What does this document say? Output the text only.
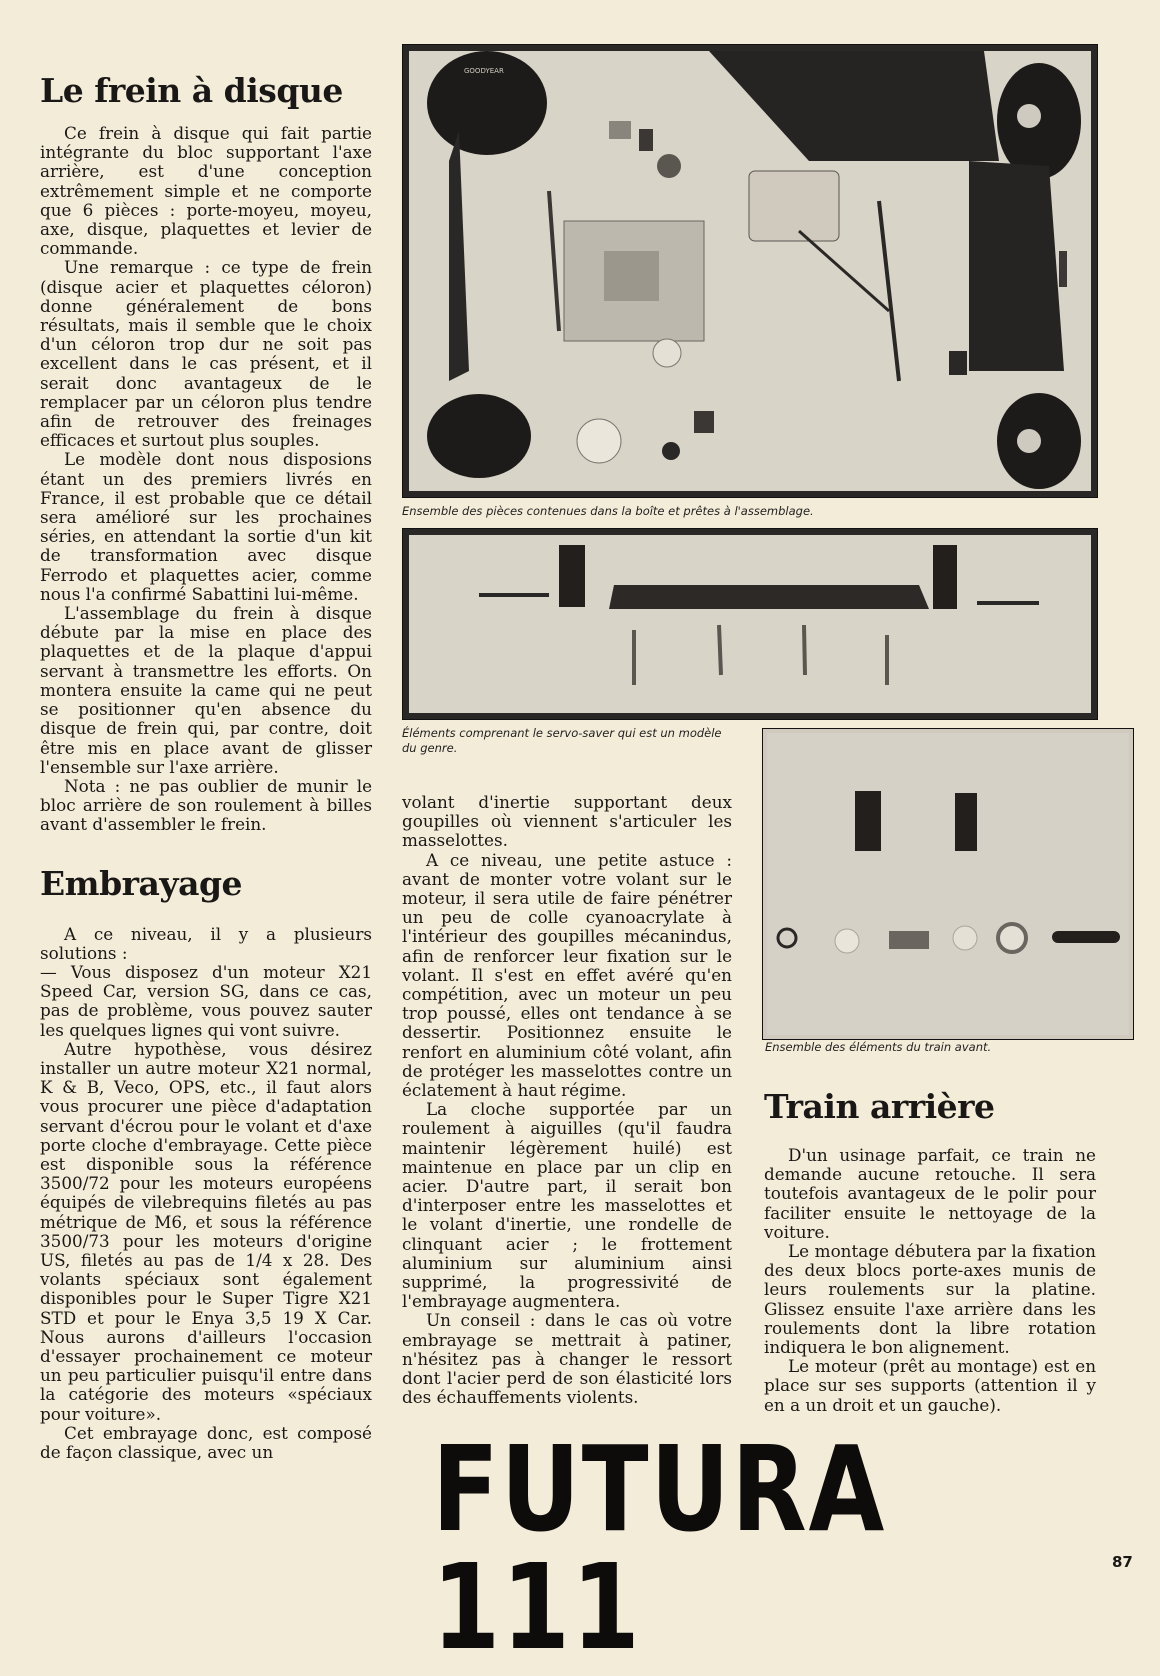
Le frein à disque

Ce frein à disque qui fait partie intégrante du bloc supportant l'axe arrière, est d'une conception extrêmement simple et ne comporte que 6 pièces : porte-moyeu, moyeu, axe, disque, plaquettes et levier de commande.

Une remarque : ce type de frein (disque acier et plaquettes céloron) donne généralement de bons résultats, mais il semble que le choix d'un céloron trop dur ne soit pas excellent dans le cas présent, et il serait donc avantageux de le remplacer par un céloron plus tendre afin de retrouver des freinages efficaces et surtout plus souples.

Le modèle dont nous disposions étant un des premiers livrés en France, il est probable que ce détail sera amélioré sur les prochaines séries, en attendant la sortie d'un kit de transformation avec disque Ferrodo et plaquettes acier, comme nous l'a confirmé Sabattini lui-même.

L'assemblage du frein à disque débute par la mise en place des plaquettes et de la plaque d'appui servant à transmettre les efforts. On montera ensuite la came qui ne peut se positionner qu'en absence du disque de frein qui, par contre, doit être mis en place avant de glisser l'ensemble sur l'axe arrière.

Nota : ne pas oublier de munir le bloc arrière de son roulement à billes avant d'assembler le frein.

Embrayage

A ce niveau, il y a plusieurs solutions :

— Vous disposez d'un moteur X21 Speed Car, version SG, dans ce cas, pas de problème, vous pouvez sauter les quelques lignes qui vont suivre.

Autre hypothèse, vous désirez installer un autre moteur X21 normal, K & B, Veco, OPS, etc., il faut alors vous procurer une pièce d'adaptation servant d'écrou pour le volant et d'axe porte cloche d'embrayage. Cette pièce est disponible sous la référence 3500/72 pour les moteurs européens équipés de vilebrequins filetés au pas métrique de M6, et sous la référence 3500/73 pour les moteurs d'origine US, filetés au pas de 1/4 x 28. Des volants spéciaux sont également disponibles pour le Super Tigre X21 STD et pour le Enya 3,5 19 X Car. Nous aurons d'ailleurs l'occasion d'essayer prochainement ce moteur un peu particulier puisqu'il entre dans la catégorie des moteurs «spéciaux pour voiture».

Cet embrayage donc, est composé de façon classique, avec un

GOODYEAR
Ensemble des pièces contenues dans la boîte et prêtes à l'assemblage.
Éléments comprenant le servo-saver qui est un modèle du genre.
Ensemble des éléments du train avant.

volant d'inertie supportant deux goupilles où viennent s'articuler les masselottes.

A ce niveau, une petite astuce : avant de monter votre volant sur le moteur, il sera utile de faire pénétrer un peu de colle cyanoacrylate à l'intérieur des goupilles mécanindus, afin de renforcer leur fixation sur le volant. Il s'est en effet avéré qu'en compétition, avec un moteur un peu trop poussé, elles ont tendance à se dessertir. Positionnez ensuite le renfort en aluminium côté volant, afin de protéger les masselottes contre un éclatement à haut régime.

La cloche supportée par un roulement à aiguilles (qu'il faudra maintenir légèrement huilé) est maintenue en place par un clip en acier. D'autre part, il serait bon d'interposer entre les masselottes et le volant d'inertie, une rondelle de clinquant acier ; le frottement aluminium sur aluminium ainsi supprimé, la progressivité de l'embrayage augmentera.

Un conseil : dans le cas où votre embrayage se mettrait à patiner, n'hésitez pas à changer le ressort dont l'acier perd de son élasticité lors des échauffements violents.

Train arrière

D'un usinage parfait, ce train ne demande aucune retouche. Il sera toutefois avantageux de le polir pour faciliter ensuite le nettoyage de la voiture.

Le montage débutera par la fixation des deux blocs porte-axes munis de leurs roulements sur la platine. Glissez ensuite l'axe arrière dans les roulements dont la libre rotation indiquera le bon alignement.

Le moteur (prêt au montage) est en place sur ses supports (attention il y en a un droit et un gauche).

FUTURA 111	87
